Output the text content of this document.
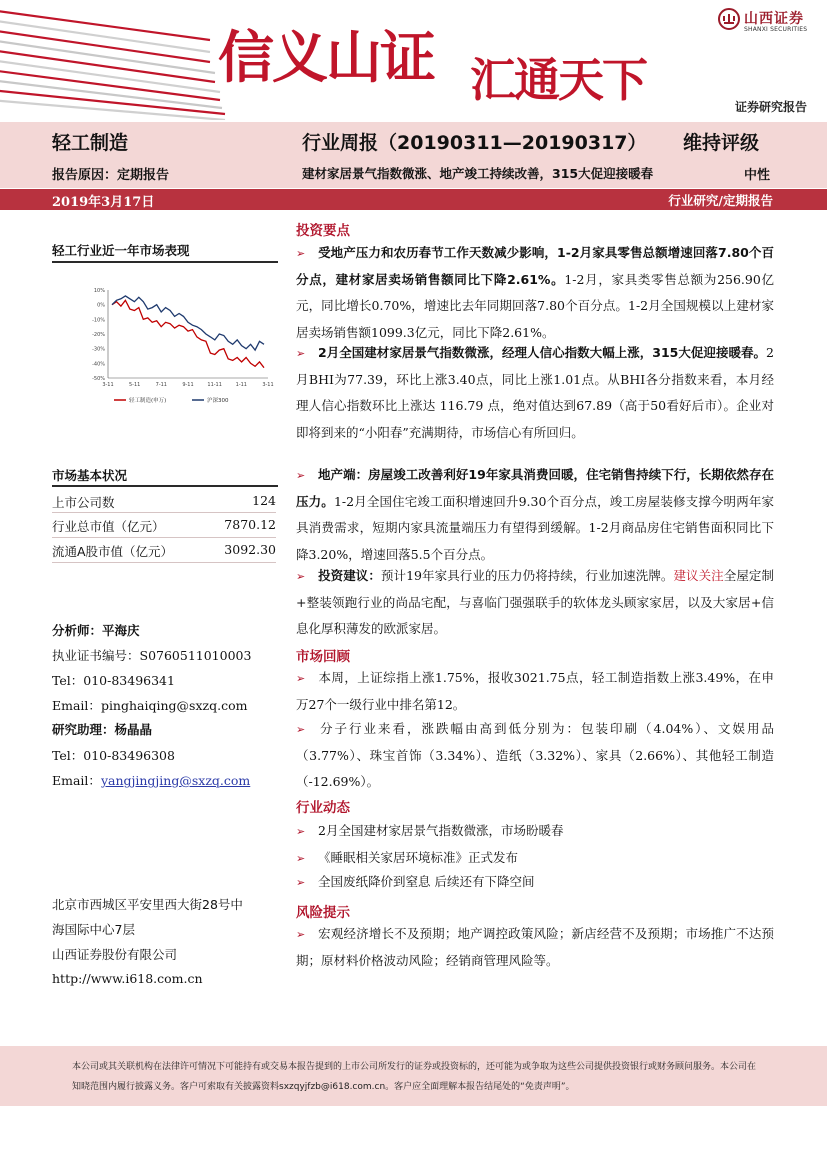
信义山证 汇通天下
山西证券
SHANXI SECURITIES
证券研究报告
轻工制造	行业周报（20190311—20190317） 维持评级
报告原因：定期报告	建材家居景气指数微涨、地产竣工持续改善，315大促迎接暖春	中性
2019年3月17日	行业研究/定期报告
轻工行业近一年市场表现
10%
0%
-10%
-20%
-30%
-40%
-50%
3-11	5-11	7-11	9-11	11-11	1-11	3-11
轻工制造(申万)	沪深300
市场基本状况
上市公司数	124
行业总市值（亿元）	7870.12
流通A股市值（亿元）	3092.30
分析师：平海庆
执业证书编号：S0760511010003
Tel：010-83496341
Email：pinghaiqing@sxzq.com
研究助理：杨晶晶
Tel：010-83496308
Email：yangjingjing@sxzq.com
北京市西城区平安里西大街28号中
海国际中心7层
山西证券股份有限公司
http://www.i618.com.cn
投资要点
➢ 受地产压力和农历春节工作天数减少影响，1-2月家具零售总额增速回落7.80个百分点，建材家居卖场销售额同比下降2.61%。1-2月，家具类零售总额为256.90亿元，同比增长0.70%，增速比去年同期回落7.80个百分点。1-2月全国规模以上建材家居卖场销售额1099.3亿元，同比下降2.61%。
➢ 2月全国建材家居景气指数微涨，经理人信心指数大幅上涨，315大促迎接暖春。2月BHI为77.39，环比上涨3.40点，同比上涨1.01点。从BHI各分指数来看，本月经理人信心指数环比上涨达 116.79 点，绝对值达到67.89（高于50看好后市）。企业对即将到来的“小阳春”充满期待，市场信心有所回归。
➢ 地产端：房屋竣工改善利好19年家具消费回暖，住宅销售持续下行，长期依然存在压力。1-2月全国住宅竣工面积增速回升9.30个百分点，竣工房屋装修支撑今明两年家具消费需求，短期内家具流量端压力有望得到缓解。1-2月商品房住宅销售面积同比下降3.20%，增速回落5.5个百分点。
➢ 投资建议：预计19年家具行业的压力仍将持续，行业加速洗牌。建议关注全屋定制+整装领跑行业的尚品宅配，与喜临门强强联手的软体龙头顾家家居，以及大家居+信息化厚积薄发的欧派家居。
市场回顾
➢ 本周，上证综指上涨1.75%，报收3021.75点，轻工制造指数上涨3.49%，在申万27个一级行业中排名第12。
➢ 分子行业来看，涨跌幅由高到低分别为：包装印刷（4.04%）、文娱用品（3.77%）、珠宝首饰（3.34%）、造纸（3.32%）、家具（2.66%）、其他轻工制造（-12.69%）。
行业动态
➢ 2月全国建材家居景气指数微涨，市场盼暖春
➢ 《睡眠相关家居环境标准》正式发布
➢ 全国废纸降价到窒息 后续还有下降空间
风险提示
➢ 宏观经济增长不及预期；地产调控政策风险；新店经营不及预期；市场推广不达预期；原材料价格波动风险；经销商管理风险等。
本公司或其关联机构在法律许可情况下可能持有或交易本报告提到的上市公司所发行的证券或投资标的，还可能为或争取为这些公司提供投资银行或财务顾问服务。本公司在知晓范围内履行披露义务。客户可索取有关披露资料sxzqyjfzb@i618.com.cn。客户应全面理解本报告结尾处的“免责声明”。
